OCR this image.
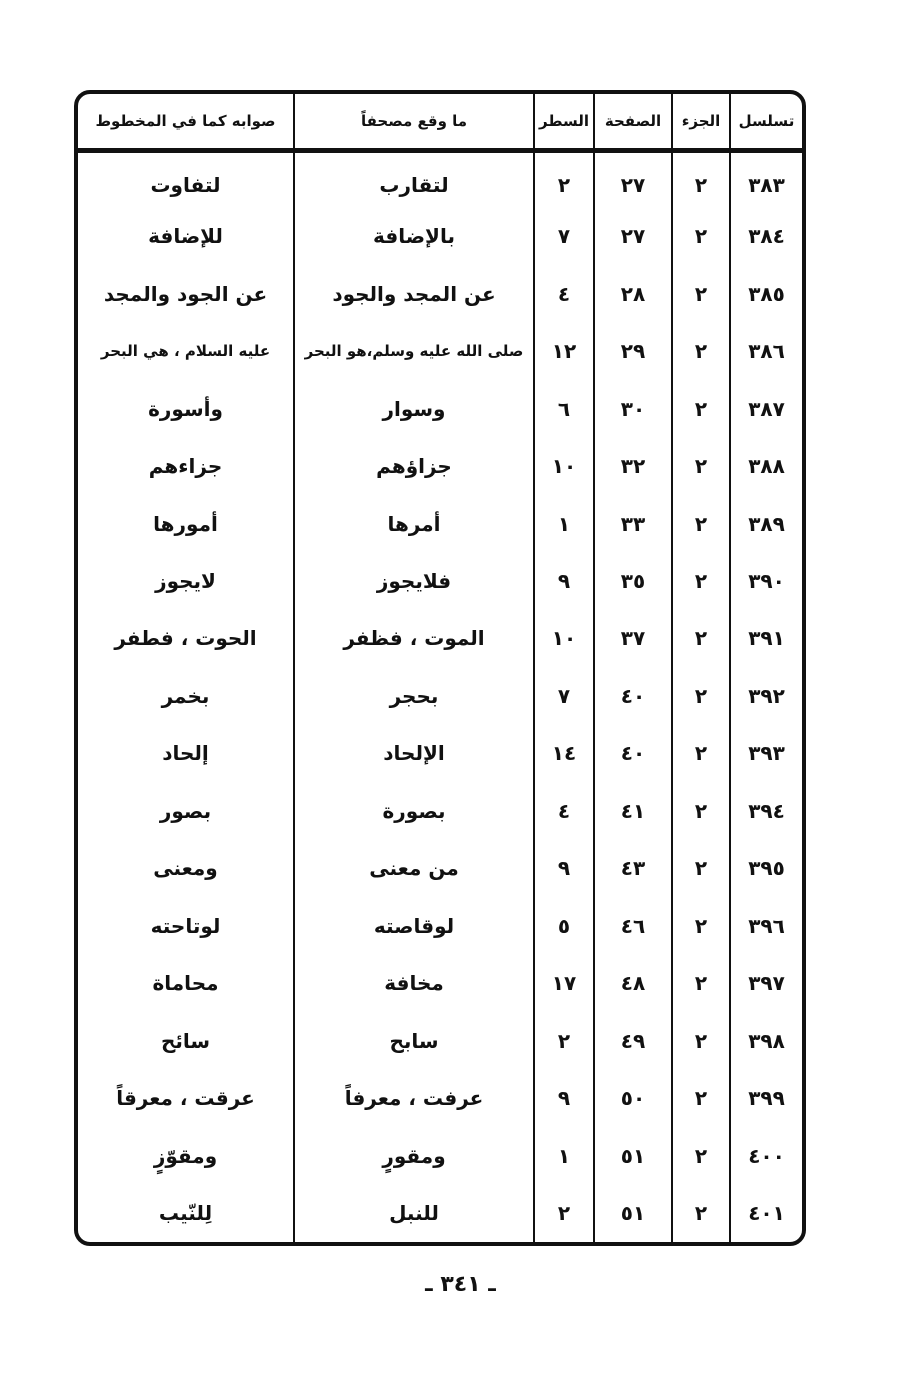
تسلسل	الجزء	الصفحة	السطر	ما وقع مصحفاً	صوابه كما في المخطوط
٣٨٣	٢	٢٧	٢	لتقارب	لتفاوت
٣٨٤	٢	٢٧	٧	بالإضافة	للإضافة
٣٨٥	٢	٢٨	٤	عن المجد والجود	عن الجود والمجد
٣٨٦	٢	٢٩	١٢	صلى الله عليه وسلم،هو البحر	عليه السلام ، هي البحر
٣٨٧	٢	٣٠	٦	وسوار	وأسورة
٣٨٨	٢	٣٢	١٠	جزاؤهم	جزاءهم
٣٨٩	٢	٣٣	١	أمرها	أمورها
٣٩٠	٢	٣٥	٩	فلايجوز	لايجوز
٣٩١	٢	٣٧	١٠	الموت ، فظفر	الحوت ، فطفر
٣٩٢	٢	٤٠	٧	بحجر	بخمر
٣٩٣	٢	٤٠	١٤	الإلحاد	إلحاد
٣٩٤	٢	٤١	٤	بصورة	بصور
٣٩٥	٢	٤٣	٩	من معنى	ومعنى
٣٩٦	٢	٤٦	٥	لوقاصته	لوتاحته
٣٩٧	٢	٤٨	١٧	مخافة	محاماة
٣٩٨	٢	٤٩	٢	سابح	سائح
٣٩٩	٢	٥٠	٩	عرفت ، معرفاً	عرقت ، معرقاً
٤٠٠	٢	٥١	١	ومقورٍ	ومقوّزٍ
٤٠١	٢	٥١	٢	للنبل	لِلنّيب
ـ ٣٤١ ـ
